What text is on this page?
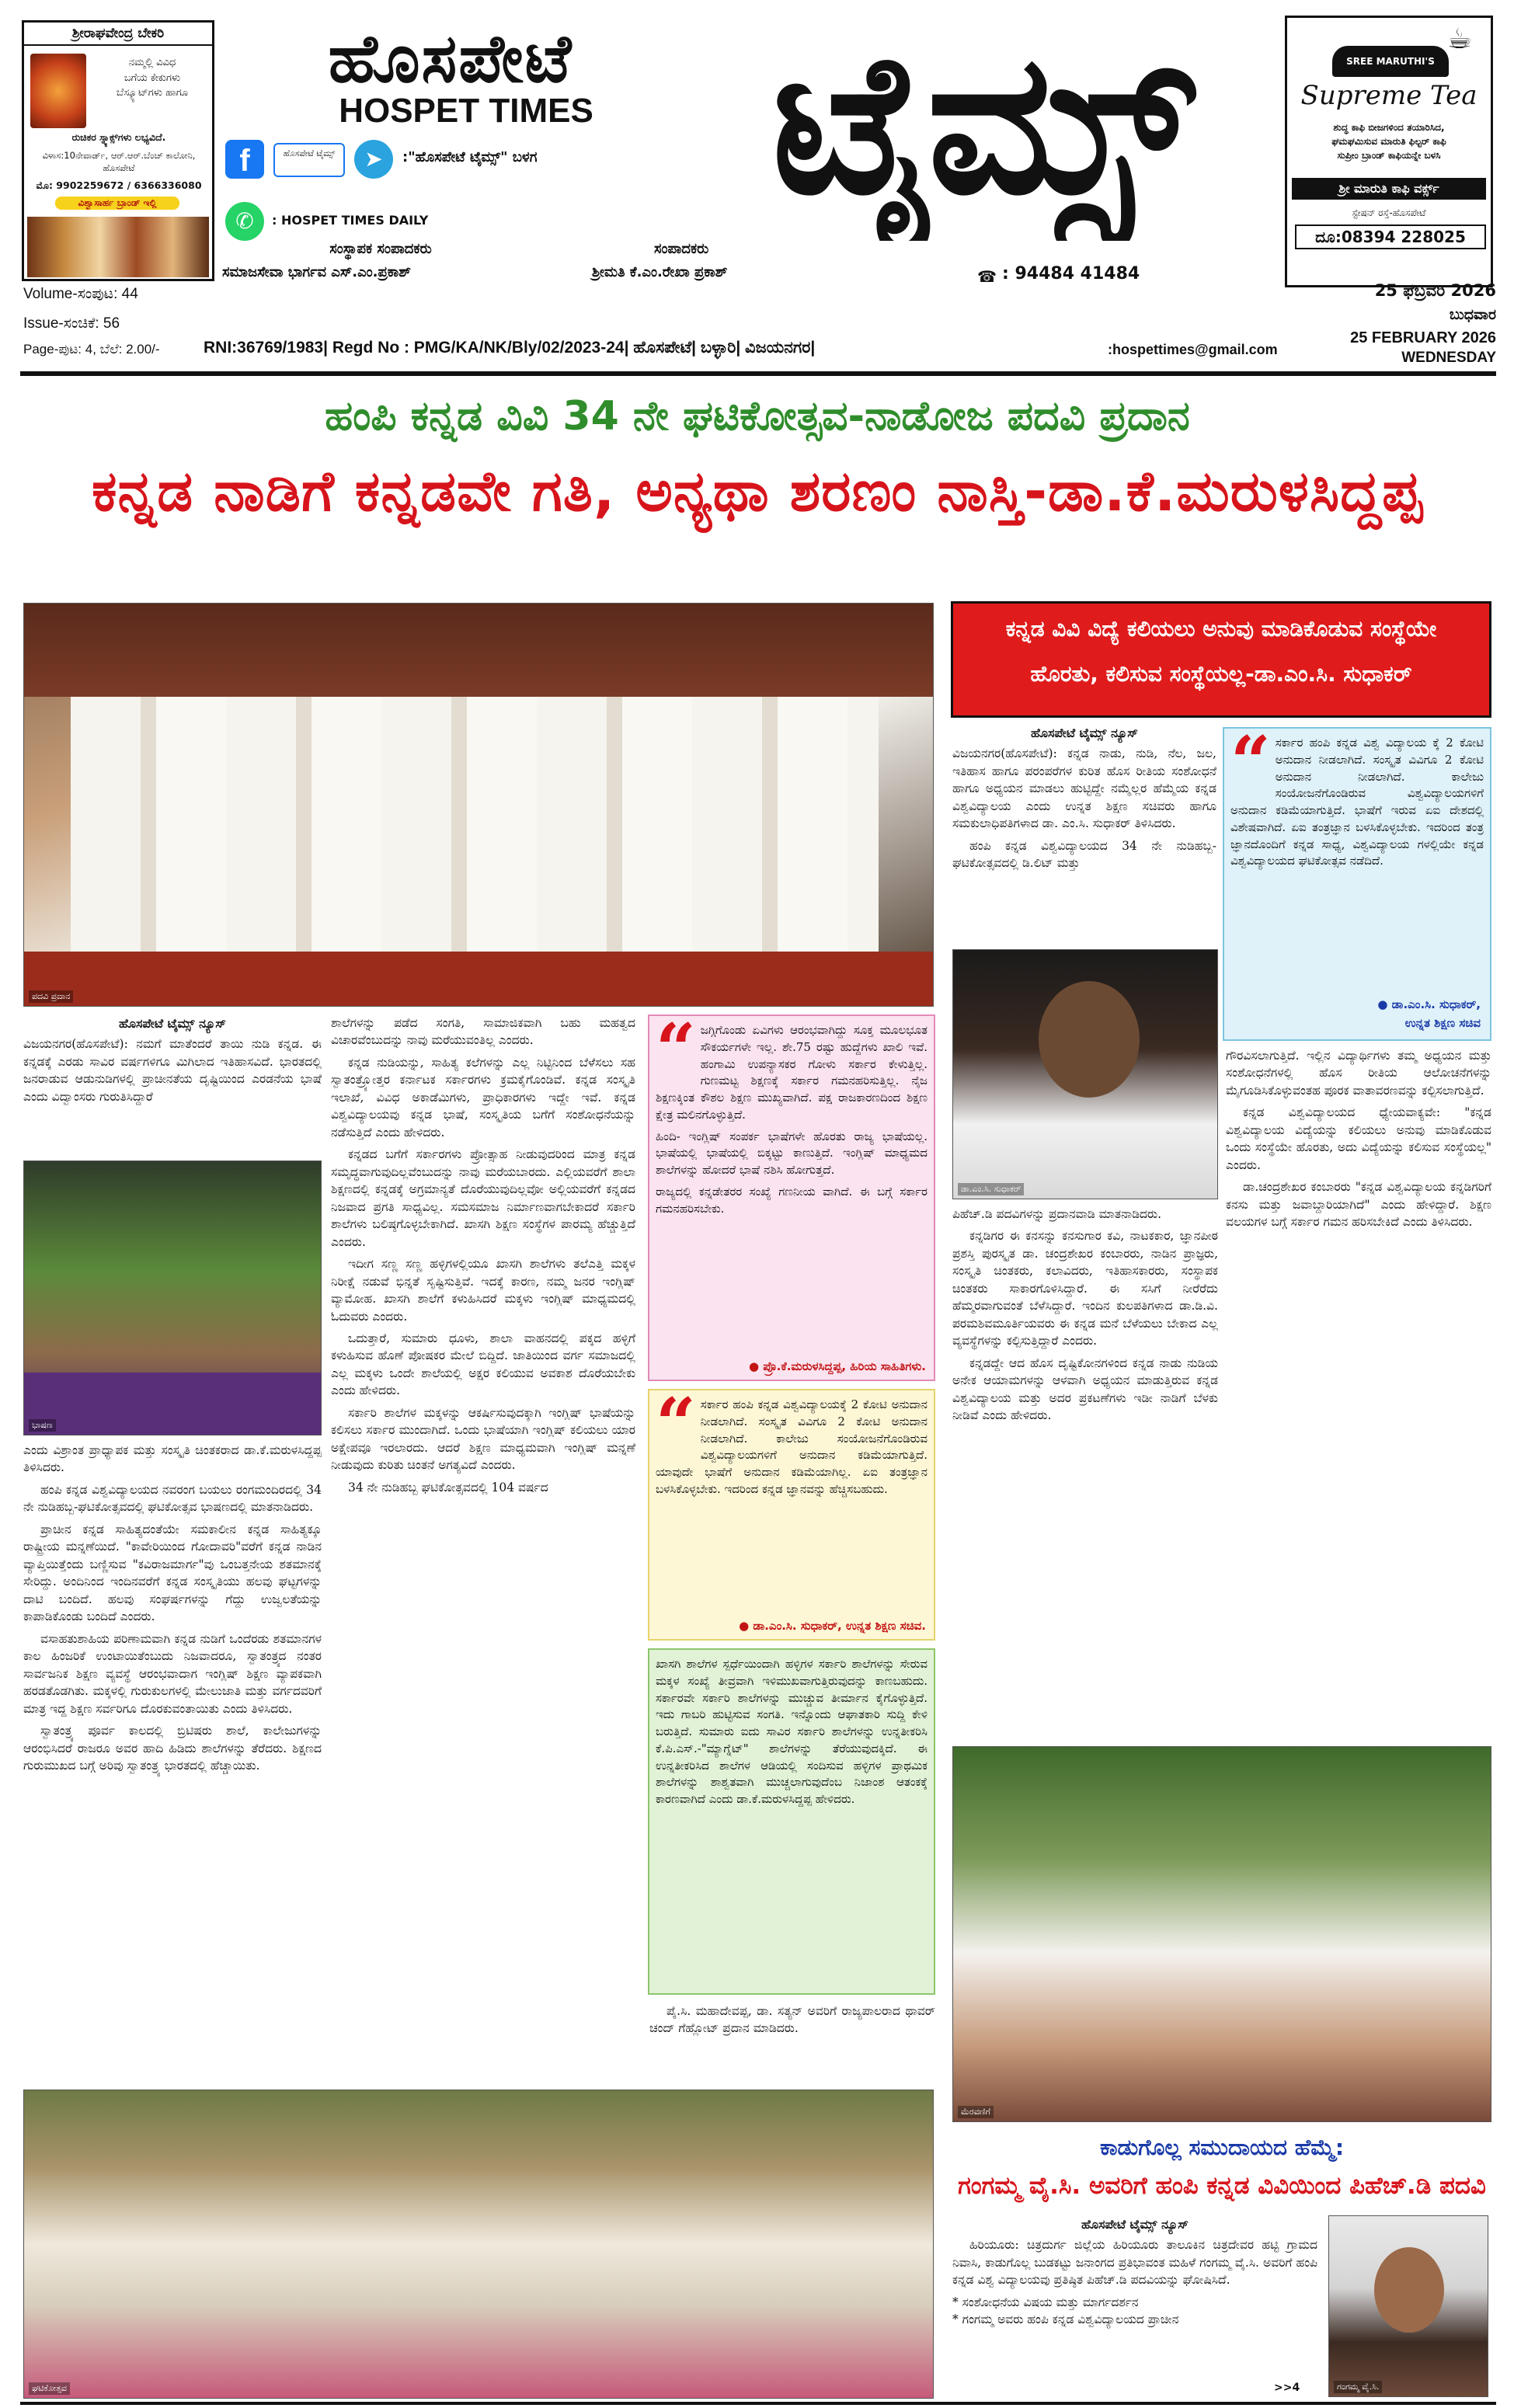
ಶ್ರೀರಾಘವೇಂದ್ರ ಬೇಕರಿ
ನಮ್ಮಲ್ಲಿ ವಿವಿಧ
ಬಗೆಯ ಕೇಕುಗಳು
ಬೆಸ್ಕ್ಯೂಟ್‌ಗಳು ಹಾಗೂ
ರುಚಿಕರ ಸ್ನ್ಯಾಕ್ಸ್‌ಗಳು ಲಭ್ಯವಿದೆ.
ವಿಳಾಸ:10ನೇವಾರ್ಡ್, ಆರ್.ಆರ್.ಬೆಂಚ್ ಕಾಲೋನಿ, ಹೊಸಪೇಟೆ
ಮೊ: 9902259672 / 6366336080
ವಿಶ್ವಾಸಾರ್ಹ ಬ್ರಾಂಡ್ ಇಲ್ಲಿ
ಹೊಸಪೇಟೆ
HOSPET TIMES ಟೈಮ್ಸ್
f	ಹೊಸಪೇಟೆ ಟೈಮ್ಸ್	➤	:"ಹೊಸಪೇಟೆ ಟೈಮ್ಸ್" ಬಳಗ
✆	: HOSPET TIMES DAILY
ಸಂಸ್ಥಾಪಕ ಸಂಪಾದಕರು
ಸಮಾಜಸೇವಾ ಭಾರ್ಗವ ಎಸ್.ಎಂ.ಪ್ರಕಾಶ್
ಸಂಪಾದಕರು
ಶ್ರೀಮತಿ ಕೆ.ಎಂ.ರೇಖಾ ಪ್ರಕಾಶ್	☎ : 94484 41484
SREE MARUTHI'S
☕
Supreme Tea
ಶುದ್ಧ ಕಾಫಿ ಬೀಜಗಳಿಂದ ತಯಾರಿಸಿದ,
ಘಮಘಮಿಸುವ ಮಾರುತಿ ಫಿಲ್ಟರ್ ಕಾಫಿ
ಸುಪ್ರೀಂ ಬ್ರಾಂಡ್ ಕಾಫಿಯನ್ನೇ ಬಳಸಿ
ಶ್ರೀ ಮಾರುತಿ ಕಾಫಿ ವರ್ಕ್ಸ್
ಸ್ಟೇಷನ್ ರಸ್ತೆ-ಹೊಸಪೇಟೆ
ದೂ:08394 228025
Volume-ಸಂಪುಟ: 44
Issue-ಸಂಚಿಕೆ: 56
Page-ಪುಟ: 4, ಬೆಲೆ: 2.00/-	RNI:36769/1983| Regd No : PMG/KA/NK/Bly/02/2023-24| ಹೊಸಪೇಟೆ| ಬಳ್ಳಾರಿ| ವಿಜಯನಗರ|	:hospettimes@gmail.com
25 ಫೆಬ್ರವರಿ 2026
ಬುಧವಾರ
25 FEBRUARY 2026
WEDNESDAY
ಹಂಪಿ ಕನ್ನಡ ವಿವಿ 34 ನೇ ಘಟಿಕೋತ್ಸವ-ನಾಡೋಜ ಪದವಿ ಪ್ರದಾನ
ಕನ್ನಡ ನಾಡಿಗೆ ಕನ್ನಡವೇ ಗತಿ, ಅನ್ಯಥಾ ಶರಣಂ ನಾಸ್ತಿ-ಡಾ.ಕೆ.ಮರುಳಸಿದ್ದಪ್ಪ
ಪದವಿ ಪ್ರದಾನ
ಕನ್ನಡ ವಿವಿ ವಿದ್ಯೆ ಕಲಿಯಲು ಅನುವು ಮಾಡಿಕೊಡುವ ಸಂಸ್ಥೆಯೇ
ಹೊರತು, ಕಲಿಸುವ ಸಂಸ್ಥೆಯಲ್ಲ-ಡಾ.ಎಂ.ಸಿ. ಸುಧಾಕರ್
ಹೊಸಪೇಟೆ ಟೈಮ್ಸ್ ನ್ಯೂಸ್

ವಿಜಯನಗರ(ಹೊಸಪೇಟೆ): ಕನ್ನಡ ನಾಡು, ನುಡಿ, ನೆಲ, ಜಲ, ಇತಿಹಾಸ ಹಾಗೂ ಪರಂಪರೆಗಳ ಕುರಿತ ಹೊಸ ರೀತಿಯ ಸಂಶೋಧನೆ ಹಾಗೂ ಅಧ್ಯಯನ ಮಾಡಲು ಹುಟ್ಟಿದ್ದೇ ನಮ್ಮೆಲ್ಲರ ಹೆಮ್ಮೆಯ ಕನ್ನಡ ವಿಶ್ವವಿದ್ಯಾಲಯ ಎಂದು ಉನ್ನತ ಶಿಕ್ಷಣ ಸಚಿವರು ಹಾಗೂ ಸಮಕುಲಾಧಿಪತಿಗಳಾದ ಡಾ. ಎಂ.ಸಿ. ಸುಧಾಕರ್ ತಿಳಿಸಿದರು.

ಹಂಪಿ ಕನ್ನಡ ವಿಶ್ವವಿದ್ಯಾಲಯದ 34 ನೇ ನುಡಿಹಬ್ಬ-ಘಟಿಕೋತ್ಸವದಲ್ಲಿ ಡಿ.ಲಿಟ್ ಮತ್ತು

“ ಸರ್ಕಾರ ಹಂಪಿ ಕನ್ನಡ ವಿಶ್ವ ವಿದ್ಯಾಲಯ ಕ್ಕೆ 2 ಕೋಟಿ ಅನುದಾನ ನೀಡಲಾಗಿದೆ. ಸಂಸ್ಕೃತ ವಿವಿಗೂ 2 ಕೋಟಿ ಅನುದಾನ ನೀಡಲಾಗಿದೆ. ಕಾಲೇಜು ಸಂಯೋಜನೆಗೊಂಡಿರುವ ವಿಶ್ವವಿದ್ಯಾಲಯಗಳಿಗೆ ಅನುದಾನ ಕಡಿಮೆಯಾಗುತ್ತಿದೆ. ಭಾಷೆಗೆ ಇರುವ ಏಐ ದೇಶದಲ್ಲಿ ವಿಶೇಷವಾಗಿದೆ. ಏಐ ತಂತ್ರಜ್ಞಾನ ಬಳಸಿಕೊಳ್ಳಬೇಕು. ಇದರಿಂದ ತಂತ್ರ ಜ್ಞಾನದೊಂದಿಗೆ ಕನ್ನಡ ಸಾಧ್ಯ, ವಿಶ್ವವಿದ್ಯಾಲಯ ಗಳಲ್ಲಿಯೇ ಕನ್ನಡ ವಿಶ್ವವಿದ್ಯಾಲಯದ ಘಟಿಕೋತ್ಸವ ನಡೆದಿದೆ.
● ಡಾ.ಎಂ.ಸಿ. ಸುಧಾಕರ್,
ಉನ್ನತ ಶಿಕ್ಷಣ ಸಚಿವ
ಡಾ.ಎಂ.ಸಿ. ಸುಧಾಕರ್

ಗೌರವಿಸಲಾಗುತ್ತಿದೆ. ಇಲ್ಲಿನ ವಿದ್ಯಾರ್ಥಿಗಳು ತಮ್ಮ ಅಧ್ಯಯನ ಮತ್ತು ಸಂಶೋಧನೆಗಳಲ್ಲಿ ಹೊಸ ರೀತಿಯ ಆಲೋಚನೆಗಳನ್ನು ಮೈಗೂಡಿಸಿಕೊಳ್ಳುವಂತಹ ಪೂರಕ ವಾತಾವರಣವನ್ನು ಕಲ್ಪಿಸಲಾಗುತ್ತಿದೆ.

ಕನ್ನಡ ವಿಶ್ವವಿದ್ಯಾಲಯದ ಧ್ಯೇಯವಾಕ್ಯವೇ: "ಕನ್ನಡ ವಿಶ್ವವಿದ್ಯಾಲಯ ವಿದ್ಯೆಯನ್ನು ಕಲಿಯಲು ಅನುವು ಮಾಡಿಕೊಡುವ ಒಂದು ಸಂಸ್ಥೆಯೇ ಹೊರತು, ಅದು ವಿದ್ಯೆಯನ್ನು ಕಲಿಸುವ ಸಂಸ್ಥೆಯಲ್ಲ" ಎಂದರು.

ಡಾ.ಚಂದ್ರಶೇಖರ ಕಂಬಾರರು "ಕನ್ನಡ ವಿಶ್ವವಿದ್ಯಾಲಯ ಕನ್ನಡಿಗರಿಗೆ ಕನಸು ಮತ್ತು ಜವಾಬ್ದಾರಿಯಾಗಿದೆ" ಎಂದು ಹೇಳಿದ್ದಾರೆ. ಶಿಕ್ಷಣ ವಲಯಗಳ ಬಗ್ಗೆ ಸರ್ಕಾರ ಗಮನ ಹರಿಸಬೇಕಿದೆ ಎಂದು ತಿಳಿಸಿದರು.

ಪಿಹೆಚ್.ಡಿ ಪದವಿಗಳನ್ನು ಪ್ರದಾನವಾಡಿ ಮಾತನಾಡಿದರು.

ಕನ್ನಡಿಗರ ಈ ಕನಸನ್ನು ಕನಸುಗಾರ ಕವಿ, ನಾಟಕಕಾರ, ಜ್ಞಾನಪೀಠ ಪ್ರಶಸ್ತಿ ಪುರಸ್ಕೃತ ಡಾ. ಚಂದ್ರಶೇಖರ ಕಂಬಾರರು, ನಾಡಿನ ಪ್ರಾಜ್ಞರು, ಸಂಸ್ಕೃತಿ ಚಿಂತಕರು, ಕಲಾವಿದರು, ಇತಿಹಾಸಕಾರರು, ಸಂಸ್ಥಾಪಕ ಚಿಂತಕರು ಸಾಕಾರಗೊಳಿಸಿದ್ದಾರೆ. ಈ ಸಸಿಗೆ ನೀರೆರೆದು ಹೆಮ್ಮರವಾಗುವಂತೆ ಬೆಳೆಸಿದ್ದಾರೆ. ಇಂದಿನ ಕುಲಪತಿಗಳಾದ ಡಾ.ಡಿ.ವಿ. ಪರಮಶಿವಮೂರ್ತಿಯವರು ಈ ಕನ್ನಡ ಮನೆ ಬೆಳೆಯಲು ಬೇಕಾದ ಎಲ್ಲ ವ್ಯವಸ್ಥೆಗಳನ್ನು ಕಲ್ಪಿಸುತ್ತಿದ್ದಾರೆ ಎಂದರು.

ಕನ್ನಡದ್ದೇ ಆದ ಹೊಸ ದೃಷ್ಟಿಕೋನಗಳಿಂದ ಕನ್ನಡ ನಾಡು ನುಡಿಯ ಅನೇಕ ಆಯಾಮಗಳನ್ನು ಆಳವಾಗಿ ಅಧ್ಯಯನ ಮಾಡುತ್ತಿರುವ ಕನ್ನಡ ವಿಶ್ವವಿದ್ಯಾಲಯ ಮತ್ತು ಅದರ ಪ್ರಕಟಣೆಗಳು ಇಡೀ ನಾಡಿಗೆ ಬೆಳಕು ನೀಡಿವೆ ಎಂದು ಹೇಳಿದರು.

ಹೊಸಪೇಟೆ ಟೈಮ್ಸ್ ನ್ಯೂಸ್

ವಿಜಯನಗರ(ಹೊಸಪೇಟೆ): ನಮಗೆ ಮಾತೆಂದರೆ ತಾಯಿ ನುಡಿ ಕನ್ನಡ. ಈ ಕನ್ನಡಕ್ಕೆ ಎರಡು ಸಾವಿರ ವರ್ಷಗಳಿಗೂ ಮಿಗಿಲಾದ ಇತಿಹಾಸವಿದೆ. ಭಾರತದಲ್ಲಿ ಜನರಾಡುವ ಆಡುನುಡಿಗಳಲ್ಲಿ ಪ್ರಾಚೀನತೆಯ ದೃಷ್ಟಿಯಿಂದ ಎರಡನೆಯ ಭಾಷೆ ಎಂದು ವಿದ್ವಾಂಸರು ಗುರುತಿಸಿದ್ದಾರೆ

ಭಾಷಣ

ಎಂದು ವಿಶ್ರಾಂತ ಪ್ರಾಧ್ಯಾಪಕ ಮತ್ತು ಸಂಸ್ಕೃತಿ ಚಿಂತಕರಾದ ಡಾ.ಕೆ.ಮರುಳಸಿದ್ದಪ್ಪ ತಿಳಿಸಿದರು.

ಹಂಪಿ ಕನ್ನಡ ವಿಶ್ವವಿದ್ಯಾಲಯದ ನವರಂಗ ಬಯಲು ರಂಗಮಂದಿರದಲ್ಲಿ 34 ನೇ ನುಡಿಹಬ್ಬ-ಘಟಿಕೋತ್ಸವದಲ್ಲಿ ಘಟಿಕೋತ್ಸವ ಭಾಷಣದಲ್ಲಿ ಮಾತನಾಡಿದರು.

ಪ್ರಾಚೀನ ಕನ್ನಡ ಸಾಹಿತ್ಯದಂತೆಯೇ ಸಮಕಾಲೀನ ಕನ್ನಡ ಸಾಹಿತ್ಯಕ್ಕೂ ರಾಷ್ಟ್ರೀಯ ಮನ್ನಣೆಯಿದೆ. "ಕಾವೇರಿಯಿಂದ ಗೋದಾವರಿ"ವರೆಗೆ ಕನ್ನಡ ನಾಡಿನ ವ್ಯಾಪ್ತಿಯಿತ್ತೆಂದು ಬಣ್ಣಿಸುವ "ಕವಿರಾಜಮಾರ್ಗ"ವು ಒಂಬತ್ತನೇಯ ಶತಮಾನಕ್ಕೆ ಸೇರಿದ್ದು. ಅಂದಿನಿಂದ ಇಂದಿನವರೆಗೆ ಕನ್ನಡ ಸಂಸ್ಕೃತಿಯು ಹಲವು ಘಟ್ಟಗಳನ್ನು ದಾಟಿ ಬಂದಿದೆ. ಹಲವು ಸಂಘರ್ಷಗಳನ್ನು ಗೆದ್ದು ಉಜ್ವಲತೆಯನ್ನು ಕಾಪಾಡಿಕೊಂಡು ಬಂದಿದೆ ಎಂದರು.

ವಸಾಹತುಶಾಹಿಯ ಪರಿಣಾಮವಾಗಿ ಕನ್ನಡ ನುಡಿಗೆ ಒಂದೆರಡು ಶತಮಾನಗಳ ಕಾಲ ಹಿಂಜರಿಕೆ ಉಂಟಾಯಿತೆಂಬುದು ನಿಜವಾದರೂ, ಸ್ವಾತಂತ್ರ್ಯದ ನಂತರ ಸಾರ್ವಜನಿಕ ಶಿಕ್ಷಣ ವ್ಯವಸ್ಥೆ ಆರಂಭವಾದಾಗ ಇಂಗ್ಲಿಷ್ ಶಿಕ್ಷಣ ವ್ಯಾಪಕವಾಗಿ ಹರಡತೊಡಗಿತು. ಮಕ್ಕಳಲ್ಲಿ ಗುರುಕುಲಗಳಲ್ಲಿ ಮೇಲುಜಾತಿ ಮತ್ತು ವರ್ಗದವರಿಗೆ ಮಾತ್ರ ಇದ್ದ ಶಿಕ್ಷಣ ಸರ್ವರಿಗೂ ದೊರಕುವಂತಾಯಿತು ಎಂದು ತಿಳಿಸಿದರು.

ಸ್ವಾತಂತ್ರ್ಯ ಪೂರ್ವ ಕಾಲದಲ್ಲಿ ಬ್ರಿಟಿಷರು ಶಾಲೆ, ಕಾಲೇಜುಗಳನ್ನು ಆರಂಭಿಸಿದರೆ ರಾಜರೂ ಅವರ ಹಾದಿ ಹಿಡಿದು ಶಾಲೆಗಳನ್ನು ತೆರೆದರು. ಶಿಕ್ಷಣದ ಗುರುಮುಖದ ಬಗ್ಗೆ ಅರಿವು ಸ್ವಾತಂತ್ರ್ಯ ಭಾರತದಲ್ಲಿ ಹೆಚ್ಚಾಯಿತು.

ಶಾಲೆಗಳನ್ನು ಪಡೆದ ಸಂಗತಿ, ಸಾಮಾಜಿಕವಾಗಿ ಬಹು ಮಹತ್ವದ ವಿಚಾರವೆಂಬುದನ್ನು ನಾವು ಮರೆಯುವಂತಿಲ್ಲ ಎಂದರು.

ಕನ್ನಡ ನುಡಿಯನ್ನು, ಸಾಹಿತ್ಯ ಕಲೆಗಳನ್ನು ಎಲ್ಲ ನಿಟ್ಟಿನಿಂದ ಬೆಳೆಸಲು ಸಹ ಸ್ವಾತಂತ್ರ್ಯೋತ್ತರ ಕರ್ನಾಟಕ ಸರ್ಕಾರಗಳು ಕ್ರಮಕೈಗೊಂಡಿವೆ. ಕನ್ನಡ ಸಂಸ್ಕೃತಿ ಇಲಾಖೆ, ವಿವಿಧ ಅಕಾಡೆಮಿಗಳು, ಪ್ರಾಧಿಕಾರಗಳು ಇದ್ದೇ ಇವೆ. ಕನ್ನಡ ವಿಶ್ವವಿದ್ಯಾಲಯವು ಕನ್ನಡ ಭಾಷೆ, ಸಂಸ್ಕೃತಿಯ ಬಗೆಗೆ ಸಂಶೋಧನೆಯನ್ನು ನಡೆಸುತ್ತಿದೆ ಎಂದು ಹೇಳಿದರು.

ಕನ್ನಡದ ಬಗೆಗೆ ಸರ್ಕಾರಗಳು ಪ್ರೋತ್ಸಾಹ ನೀಡುವುದರಿಂದ ಮಾತ್ರ ಕನ್ನಡ ಸಮೃದ್ಧವಾಗುವುದಿಲ್ಲವೆಂಬುದನ್ನು ನಾವು ಮರೆಯಬಾರದು. ಎಲ್ಲಿಯವರೆಗೆ ಶಾಲಾ ಶಿಕ್ಷಣದಲ್ಲಿ ಕನ್ನಡಕ್ಕೆ ಅಗ್ರಮಾನ್ಯತೆ ದೊರೆಯುವುದಿಲ್ಲವೋ ಅಲ್ಲಿಯವರೆಗೆ ಕನ್ನಡದ ನಿಜವಾದ ಪ್ರಗತಿ ಸಾಧ್ಯವಿಲ್ಲ. ಸಮಸಮಾಜ ನಿರ್ಮಾಣವಾಗಬೇಕಾದರೆ ಸರ್ಕಾರಿ ಶಾಲೆಗಳು ಬಲಿಷ್ಠಗೊಳ್ಳಬೇಕಾಗಿದೆ. ಖಾಸಗಿ ಶಿಕ್ಷಣ ಸಂಸ್ಥೆಗಳ ಪಾರಮ್ಯ ಹೆಚ್ಚುತ್ತಿದೆ ಎಂದರು.

ಇದೀಗ ಸಣ್ಣ ಸಣ್ಣ ಹಳ್ಳಿಗಳಲ್ಲಿಯೂ ಖಾಸಗಿ ಶಾಲೆಗಳು ತಲೆಎತ್ತಿ ಮಕ್ಕಳ ನಿರೀಕ್ಷೆ ನಡುವೆ ಭಿನ್ನತೆ ಸೃಷ್ಟಿಸುತ್ತಿವೆ. ಇದಕ್ಕೆ ಕಾರಣ, ನಮ್ಮ ಜನರ ಇಂಗ್ಲಿಷ್ ವ್ಯಾಮೋಹ. ಖಾಸಗಿ ಶಾಲೆಗೆ ಕಳುಹಿಸಿದರೆ ಮಕ್ಕಳು ಇಂಗ್ಲಿಷ್ ಮಾಧ್ಯಮದಲ್ಲಿ ಓದುವರು ಎಂದರು.

ಒದುತ್ತಾರೆ, ಸುಮಾರು ಧೂಳು, ಶಾಲಾ ವಾಹನದಲ್ಲಿ ಪಕ್ಕದ ಹಳ್ಳಿಗೆ ಕಳುಹಿಸುವ ಹೊಣೆ ಪೋಷಕರ ಮೇಲೆ ಬಿದ್ದಿದೆ. ಜಾತಿಯಿಂದ ವರ್ಗ ಸಮಾಜದಲ್ಲಿ ಎಲ್ಲ ಮಕ್ಕಳು ಒಂದೇ ಶಾಲೆಯಲ್ಲಿ ಅಕ್ಷರ ಕಲಿಯುವ ಅವಕಾಶ ದೊರೆಯಬೇಕು ಎಂದು ಹೇಳಿದರು.

ಸರ್ಕಾರಿ ಶಾಲೆಗಳ ಮಕ್ಕಳನ್ನು ಆಕರ್ಷಿಸುವುದಕ್ಕಾಗಿ ಇಂಗ್ಲಿಷ್ ಭಾಷೆಯನ್ನು ಕಲಿಸಲು ಸರ್ಕಾರ ಮುಂದಾಗಿದೆ. ಒಂದು ಭಾಷೆಯಾಗಿ ಇಂಗ್ಲಿಷ್ ಕಲಿಯಲು ಯಾರ ಅಕ್ಷೇಪವೂ ಇರಲಾರದು. ಆದರೆ ಶಿಕ್ಷಣ ಮಾಧ್ಯಮವಾಗಿ ಇಂಗ್ಲಿಷ್ ಮನ್ನಣೆ ನೀಡುವುದು ಕುರಿತು ಚಿಂತನೆ ಅಗತ್ಯವಿದೆ ಎಂದರು.

34 ನೇ ನುಡಿಹಬ್ಬ ಘಟಿಕೋತ್ಸವದಲ್ಲಿ 104 ವರ್ಷದ

“ ಜಗ್ಗಿಗೊಂಡು ಏವಿಗಳು ಆರಂಭವಾಗಿದ್ದು ಸೂಕ್ತ ಮೂಲಭೂತ ಸೌಕರ್ಯಗಳೇ ಇಲ್ಲ. ಶೇ.75 ರಷ್ಟು ಹುದ್ದೆಗಳು ಖಾಲಿ ಇವೆ. ಹಂಗಾಮಿ ಉಪನ್ಯಾಸಕರ ಗೋಳು ಸರ್ಕಾರ ಕೇಳುತ್ತಿಲ್ಲ. ಗುಣಮಟ್ಟ ಶಿಕ್ಷಣಕ್ಕೆ ಸರ್ಕಾರ ಗಮನಹರಿಸುತ್ತಿಲ್ಲ. ನೈಜ ಶಿಕ್ಷಣಕ್ಕಿಂತ ಕೌಶಲ ಶಿಕ್ಷಣ ಮುಖ್ಯವಾಗಿದೆ. ಪಕ್ಷ ರಾಜಕಾರಣದಿಂದ ಶಿಕ್ಷಣ ಕ್ಷೇತ್ರ ಮಲಿನಗೊಳ್ಳುತ್ತಿದೆ.
ಹಿಂದಿ- ಇಂಗ್ಲಿಷ್ ಸಂಪರ್ಕ ಭಾಷೆಗಳೇ ಹೊರತು ರಾಜ್ಯ ಭಾಷೆಯಲ್ಲ. ಭಾಷೆಯಲ್ಲಿ ಭಾಷೆಯಲ್ಲಿ ಬಿಕ್ಕಟ್ಟು ಕಾಣುತ್ತಿದೆ. ಇಂಗ್ಲಿಷ್ ಮಾಧ್ಯಮದ ಶಾಲೆಗಳನ್ನು ಹೋದರೆ ಭಾಷೆ ನಶಿಸಿ ಹೋಗುತ್ತದೆ.
ರಾಜ್ಯದಲ್ಲಿ ಕನ್ನಡೇತರರ ಸಂಖ್ಯೆ ಗಣನೀಯ ವಾಗಿದೆ. ಈ ಬಗ್ಗೆ ಸರ್ಕಾರ ಗಮನಹರಿಸಬೇಕು.
● ಪ್ರೊ.ಕೆ.ಮರುಳಸಿದ್ದಪ್ಪ, ಹಿರಿಯ ಸಾಹಿತಿಗಳು.
“ ಸರ್ಕಾರ ಹಂಪಿ ಕನ್ನಡ ವಿಶ್ವವಿದ್ಯಾಲಯಕ್ಕೆ 2 ಕೋಟಿ ಅನುದಾನ ನೀಡಲಾಗಿದೆ. ಸಂಸ್ಕೃತ ವಿವಿಗೂ 2 ಕೋಟಿ ಅನುದಾನ ನೀಡಲಾಗಿದೆ. ಕಾಲೇಜು ಸಂಯೋಜನೆಗೊಂಡಿರುವ ವಿಶ್ವವಿದ್ಯಾಲಯಗಳಿಗೆ ಅನುದಾನ ಕಡಿಮೆಯಾಗುತ್ತಿದೆ. ಯಾವುದೇ ಭಾಷೆಗೆ ಅನುದಾನ ಕಡಿಮೆಯಾಗಿಲ್ಲ. ಏಐ ತಂತ್ರಜ್ಞಾನ ಬಳಸಿಕೊಳ್ಳಬೇಕು. ಇದರಿಂದ ಕನ್ನಡ ಜ್ಞಾನವನ್ನು ಹೆಚ್ಚಿಸಬಹುದು.
● ಡಾ.ಎಂ.ಸಿ. ಸುಧಾಕರ್, ಉನ್ನತ ಶಿಕ್ಷಣ ಸಚಿವ.
ಖಾಸಗಿ ಶಾಲೆಗಳ ಸ್ಪರ್ಧೆಯಿಂದಾಗಿ ಹಳ್ಳಿಗಳ ಸರ್ಕಾರಿ ಶಾಲೆಗಳನ್ನು ಸೇರುವ ಮಕ್ಕಳ ಸಂಖ್ಯೆ ತೀವ್ರವಾಗಿ ಇಳಿಮುಖವಾಗುತ್ತಿರುವುದನ್ನು ಕಾಣಬಹುದು. ಸರ್ಕಾರವೇ ಸರ್ಕಾರಿ ಶಾಲೆಗಳನ್ನು ಮುಚ್ಚುವ ತೀರ್ಮಾನ ಕೈಗೊಳ್ಳುತ್ತಿದೆ. ಇದು ಗಾಬರಿ ಹುಟ್ಟಿಸುವ ಸಂಗತಿ. ಇನ್ನೊಂದು ಆಘಾತಕಾರಿ ಸುದ್ದಿ ಕೇಳಿ ಬರುತ್ತಿದೆ. ಸುಮಾರು ಐದು ಸಾವಿರ ಸರ್ಕಾರಿ ಶಾಲೆಗಳನ್ನು ಉನ್ನತೀಕರಿಸಿ ಕೆ.ಪಿ.ಎಸ್.-"ಮ್ಯಾಗ್ನೆಟ್" ಶಾಲೆಗಳನ್ನು ತೆರೆಯುವುದಕ್ಕಿದೆ. ಈ ಉನ್ನತೀಕರಿಸಿದ ಶಾಲೆಗಳ ಆಡಿಯಲ್ಲಿ ಸಂದಿಸುವ ಹಳ್ಳಿಗಳ ಪ್ರಾಥಮಿಕ ಶಾಲೆಗಳನ್ನು ಶಾಶ್ವತವಾಗಿ ಮುಚ್ಚಲಾಗುವುದೆಂಬ ನಿಜಾಂಶ ಆತಂಕಕ್ಕೆ ಕಾರಣವಾಗಿದೆ ಎಂದು ಡಾ.ಕೆ.ಮರುಳಸಿದ್ದಪ್ಪ ಹೇಳಿದರು.
ಪೈ.ಸಿ. ಮಹಾದೇವಪ್ಪ, ಡಾ. ಸತ್ಯನ್ ಅವರಿಗೆ ರಾಜ್ಯಪಾಲರಾದ ಥಾವರ್ ಚಂದ್ ಗೆಹ್ಲೋಟ್ ಪ್ರದಾನ ಮಾಡಿದರು.
ಘಟಿಕೋತ್ಸವ
ಮೆರವಣಿಗೆ
ಕಾಡುಗೊಲ್ಲ ಸಮುದಾಯದ ಹೆಮ್ಮೆ:
ಗಂಗಮ್ಮ ವೈ.ಸಿ. ಅವರಿಗೆ ಹಂಪಿ ಕನ್ನಡ ವಿವಿಯಿಂದ ಪಿಹೆಚ್.ಡಿ ಪದವಿ
ಹೊಸಪೇಟೆ ಟೈಮ್ಸ್ ನ್ಯೂಸ್

ಹಿರಿಯೂರು: ಚಿತ್ರದುರ್ಗ ಜಿಲ್ಲೆಯ ಹಿರಿಯೂರು ತಾಲೂಕಿನ ಚಿತ್ರದೇವರ ಹಟ್ಟಿ ಗ್ರಾಮದ ನಿವಾಸಿ, ಕಾಡುಗೊಲ್ಲ ಬುಡಕಟ್ಟು ಜನಾಂಗದ ಪ್ರತಿಭಾವಂತ ಮಹಿಳೆ ಗಂಗಮ್ಮ ವೈ.ಸಿ. ಅವರಿಗೆ ಹಂಪಿ ಕನ್ನಡ ವಿಶ್ವ ವಿದ್ಯಾಲಯವು ಪ್ರತಿಷ್ಠಿತ ಪಿಹೆಚ್.ಡಿ ಪದವಿಯನ್ನು ಘೋಷಿಸಿದೆ.

* ಸಂಶೋಧನೆಯ ವಿಷಯ ಮತ್ತು ಮಾರ್ಗದರ್ಶನ
* ಗಂಗಮ್ಮ ಅವರು ಹಂಪಿ ಕನ್ನಡ ವಿಶ್ವವಿದ್ಯಾಲಯದ ಪ್ರಾಚೀನ
ಗಂಗಮ್ಮ ವೈ.ಸಿ.
>>4
